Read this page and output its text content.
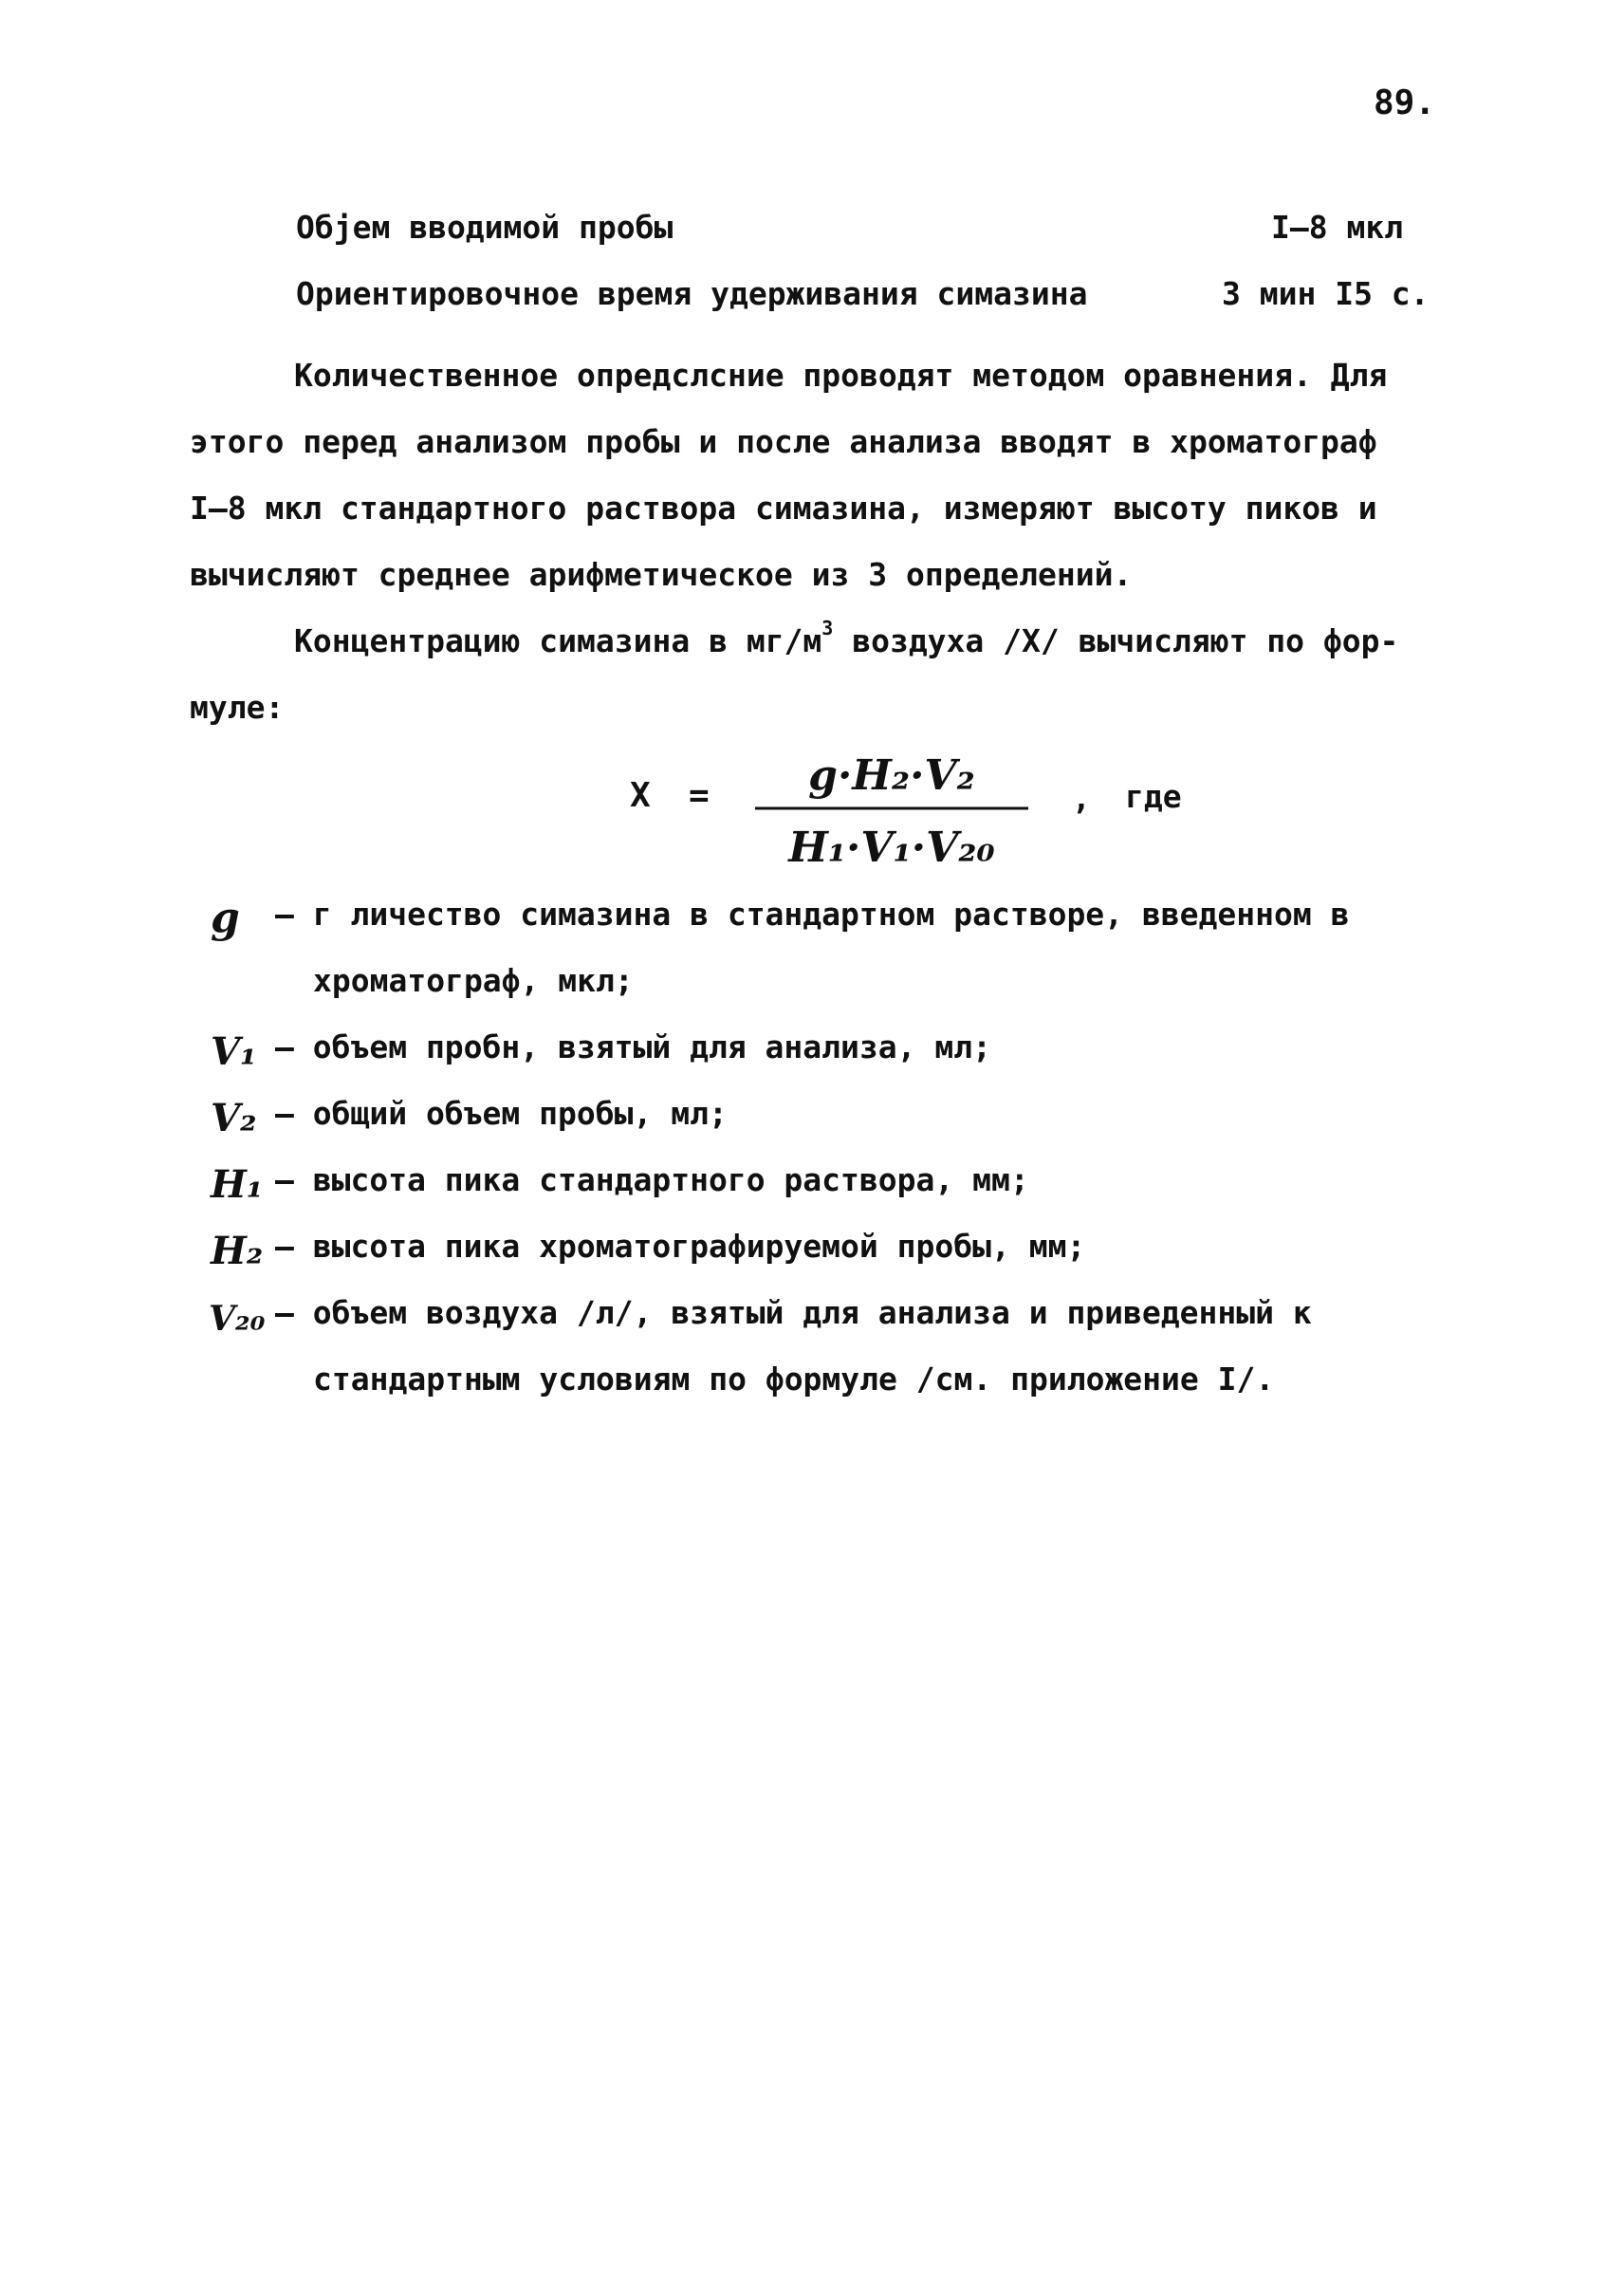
89.
Објем вводимой пробы	I–8 мкл
Ориентировочное время удерживания симазина	3 мин I5 с.
Количественное опредслсние проводят методом оравнения. Для
этого перед анализом пробы и после анализа вводят в хроматограф
I–8 мкл стандартного раствора симазина, измеряют высоту пиков и
вычисляют среднее арифметическое из 3 определений.
Концентрацию симазина в $мг/м^3$ воздуха /X/ вычисляют по фор-
муле:
X = g·H₂·V₂
H₁·V₁·V₂₀
, где
g – г личество симазина в стандартном растворе, введенном в
хроматограф, мкл;
V₁ – объем пробн, взятый для анализа, мл;
V₂ – общий объем пробы, мл;
H₁ – высота пика стандартного раствора, мм;
H₂ – высота пика хроматографируемой пробы, мм;
V₂₀ – объем воздуха /л/, взятый для анализа и приведенный к
стандартным условиям по формуле /см. приложение I/.
